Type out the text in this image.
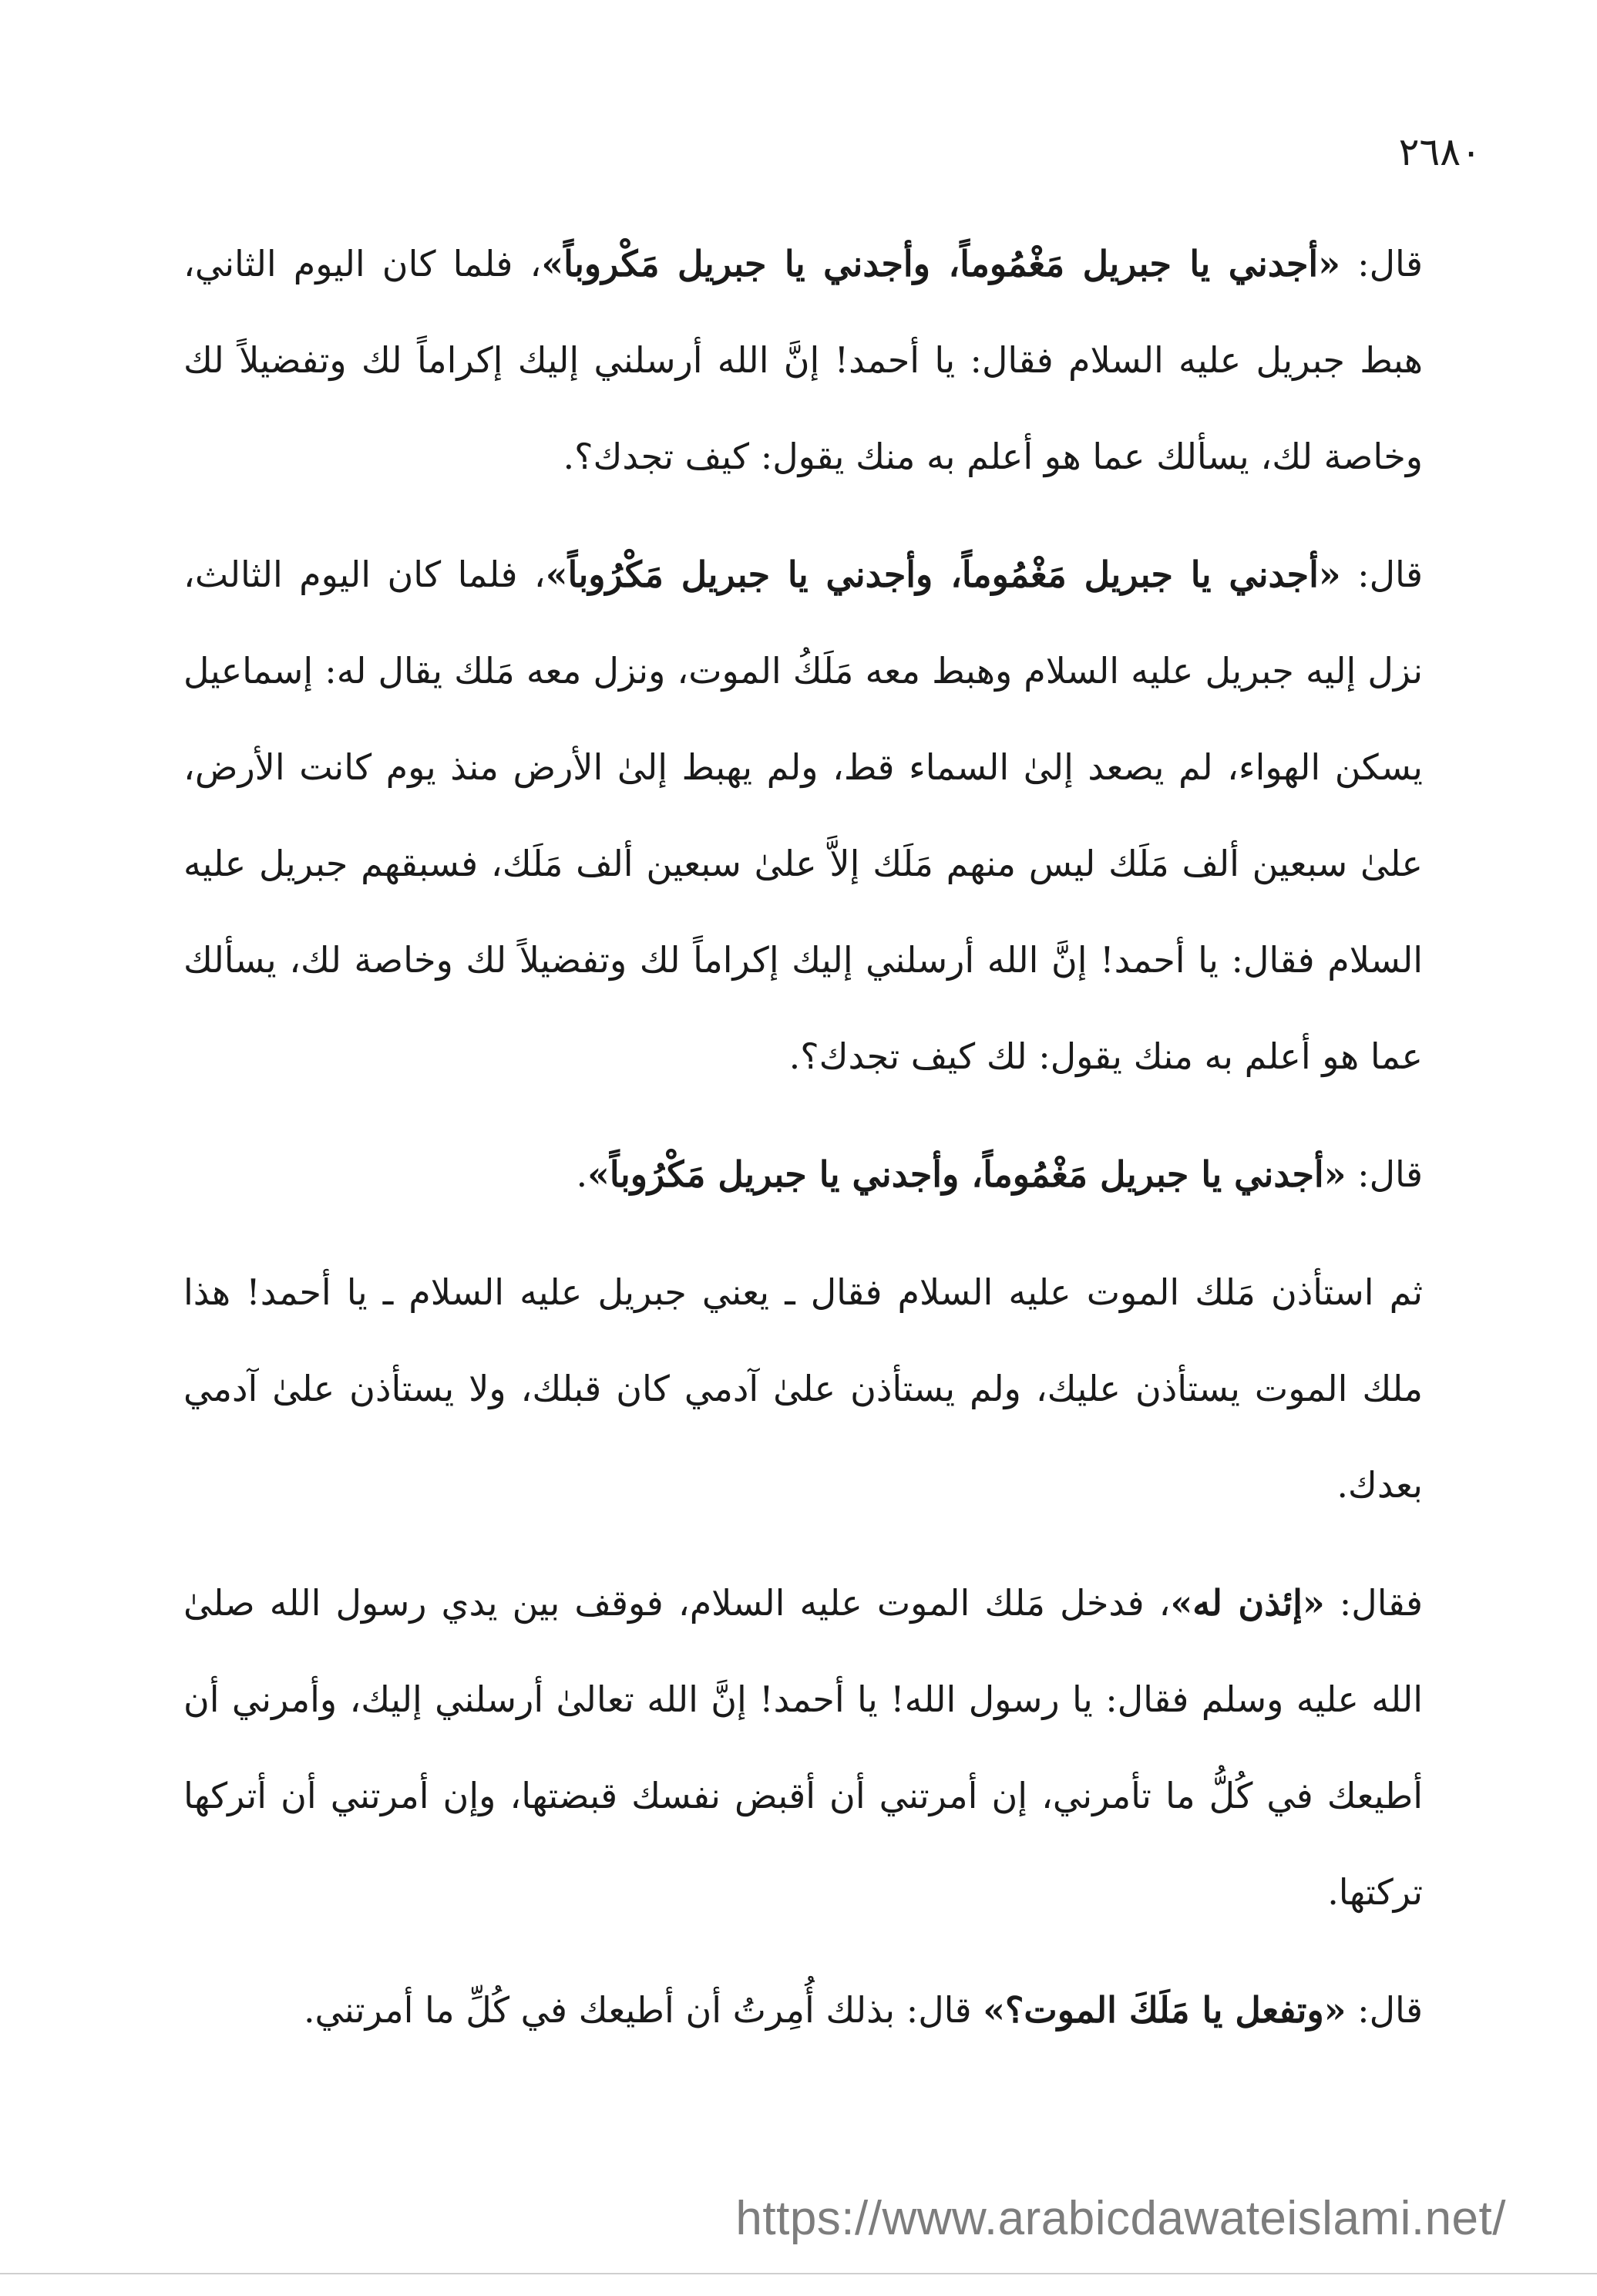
٢٦٨٠

قال: «أجدني يا جبريل مَغْمُوماً، وأجدني يا جبريل مَكْروباً»، فلما كان اليوم الثاني، هبط جبريل عليه السلام فقال: يا أحمد! إنَّ الله أرسلني إليك إكراماً لك وتفضيلاً لك وخاصة لك، يسألك عما هو أعلم به منك يقول: كيف تجدك؟.

قال: «أجدني يا جبريل مَغْمُوماً، وأجدني يا جبريل مَكْرُوباً»، فلما كان اليوم الثالث، نزل إليه جبريل عليه السلام وهبط معه مَلَكُ الموت، ونزل معه مَلك يقال له: إسماعيل يسكن الهواء، لم يصعد إلىٰ السماء قط، ولم يهبط إلىٰ الأرض منذ يوم كانت الأرض، علىٰ سبعين ألف مَلَك ليس منهم مَلَك إلاَّ علىٰ سبعين ألف مَلَك، فسبقهم جبريل عليه السلام فقال: يا أحمد! إنَّ الله أرسلني إليك إكراماً لك وتفضيلاً لك وخاصة لك، يسألك عما هو أعلم به منك يقول: لك كيف تجدك؟.

قال: «أجدني يا جبريل مَغْمُوماً، وأجدني يا جبريل مَكْرُوباً».

ثم استأذن مَلك الموت عليه السلام فقال ـ يعني جبريل عليه السلام ـ يا أحمد! هذا ملك الموت يستأذن عليك، ولم يستأذن علىٰ آدمي كان قبلك، ولا يستأذن علىٰ آدمي بعدك.

فقال: «إئذن له»، فدخل مَلك الموت عليه السلام، فوقف بين يدي رسول الله صلىٰ الله عليه وسلم فقال: يا رسول الله! يا أحمد! إنَّ الله تعالىٰ أرسلني إليك، وأمرني أن أطيعك في كُلُّ ما تأمرني، إن أمرتني أن أقبض نفسك قبضتها، وإن أمرتني أن أتركها تركتها.

قال: «وتفعل يا مَلَكَ الموت؟» قال: بذلك أُمِرتُ أن أطيعك في كُلِّ ما أمرتني.

https://www.arabicdawateislami.net/
